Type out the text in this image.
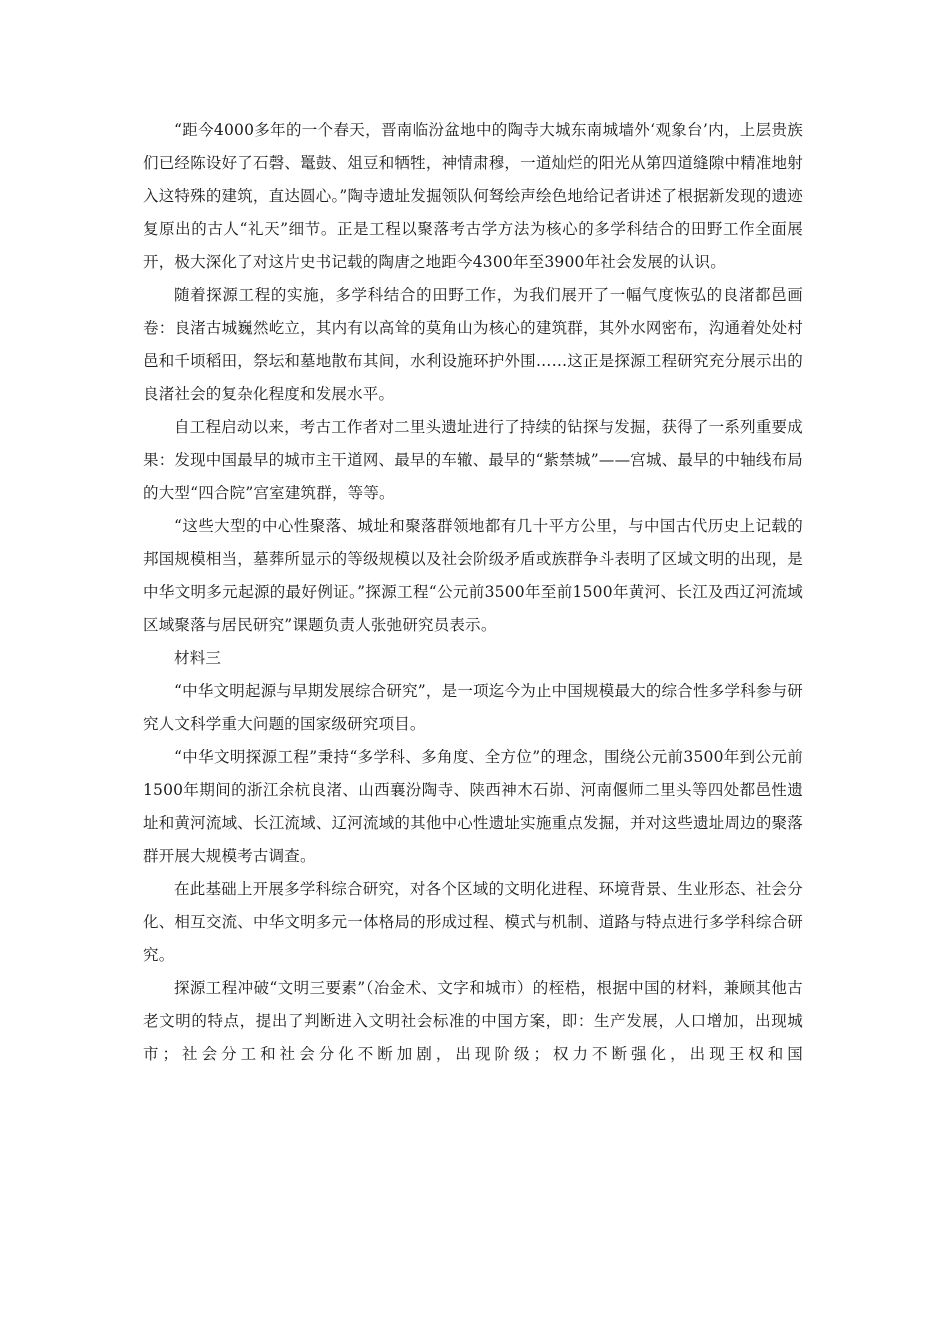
“距今4000多年的一个春天，晋南临汾盆地中的陶寺大城东南城墙外‘观象台’内，上层贵族们已经陈设好了石磬、鼍鼓、俎豆和牺牲，神情肃穆，一道灿烂的阳光从第四道缝隙中精准地射入这特殊的建筑，直达圆心。”陶寺遗址发掘领队何驽绘声绘色地给记者讲述了根据新发现的遗迹复原出的古人“礼天”细节。正是工程以聚落考古学方法为核心的多学科结合的田野工作全面展开，极大深化了对这片史书记载的陶唐之地距今4300年至3900年社会发展的认识。

随着探源工程的实施，多学科结合的田野工作，为我们展开了一幅气度恢弘的良渚都邑画卷：良渚古城巍然屹立，其内有以高耸的莫角山为核心的建筑群，其外水网密布，沟通着处处村邑和千顷稻田，祭坛和墓地散布其间，水利设施环护外围……这正是探源工程研究充分展示出的良渚社会的复杂化程度和发展水平。

自工程启动以来，考古工作者对二里头遗址进行了持续的钻探与发掘，获得了一系列重要成果：发现中国最早的城市主干道网、最早的车辙、最早的“紫禁城”——宫城、最早的中轴线布局的大型“四合院”宫室建筑群，等等。

“这些大型的中心性聚落、城址和聚落群领地都有几十平方公里，与中国古代历史上记载的邦国规模相当，墓葬所显示的等级规模以及社会阶级矛盾或族群争斗表明了区域文明的出现，是中华文明多元起源的最好例证。”探源工程“公元前3500年至前1500年黄河、长江及西辽河流域区域聚落与居民研究”课题负责人张弛研究员表示。

材料三

“中华文明起源与早期发展综合研究”，是一项迄今为止中国规模最大的综合性多学科参与研究人文科学重大问题的国家级研究项目。

“中华文明探源工程”秉持“多学科、多角度、全方位”的理念，围绕公元前3500年到公元前1500年期间的浙江余杭良渚、山西襄汾陶寺、陕西神木石峁、河南偃师二里头等四处都邑性遗址和黄河流域、长江流域、辽河流域的其他中心性遗址实施重点发掘，并对这些遗址周边的聚落群开展大规模考古调查。

在此基础上开展多学科综合研究，对各个区域的文明化进程、环境背景、生业形态、社会分化、相互交流、中华文明多元一体格局的形成过程、模式与机制、道路与特点进行多学科综合研究。

探源工程冲破“文明三要素”（冶金术、文字和城市）的桎梏，根据中国的材料，兼顾其他古老文明的特点，提出了判断进入文明社会标准的中国方案，即：生产发展，人口增加，出现城市；社会分工和社会分化不断加剧，出现阶级；权力不断强化，出现王权和国
